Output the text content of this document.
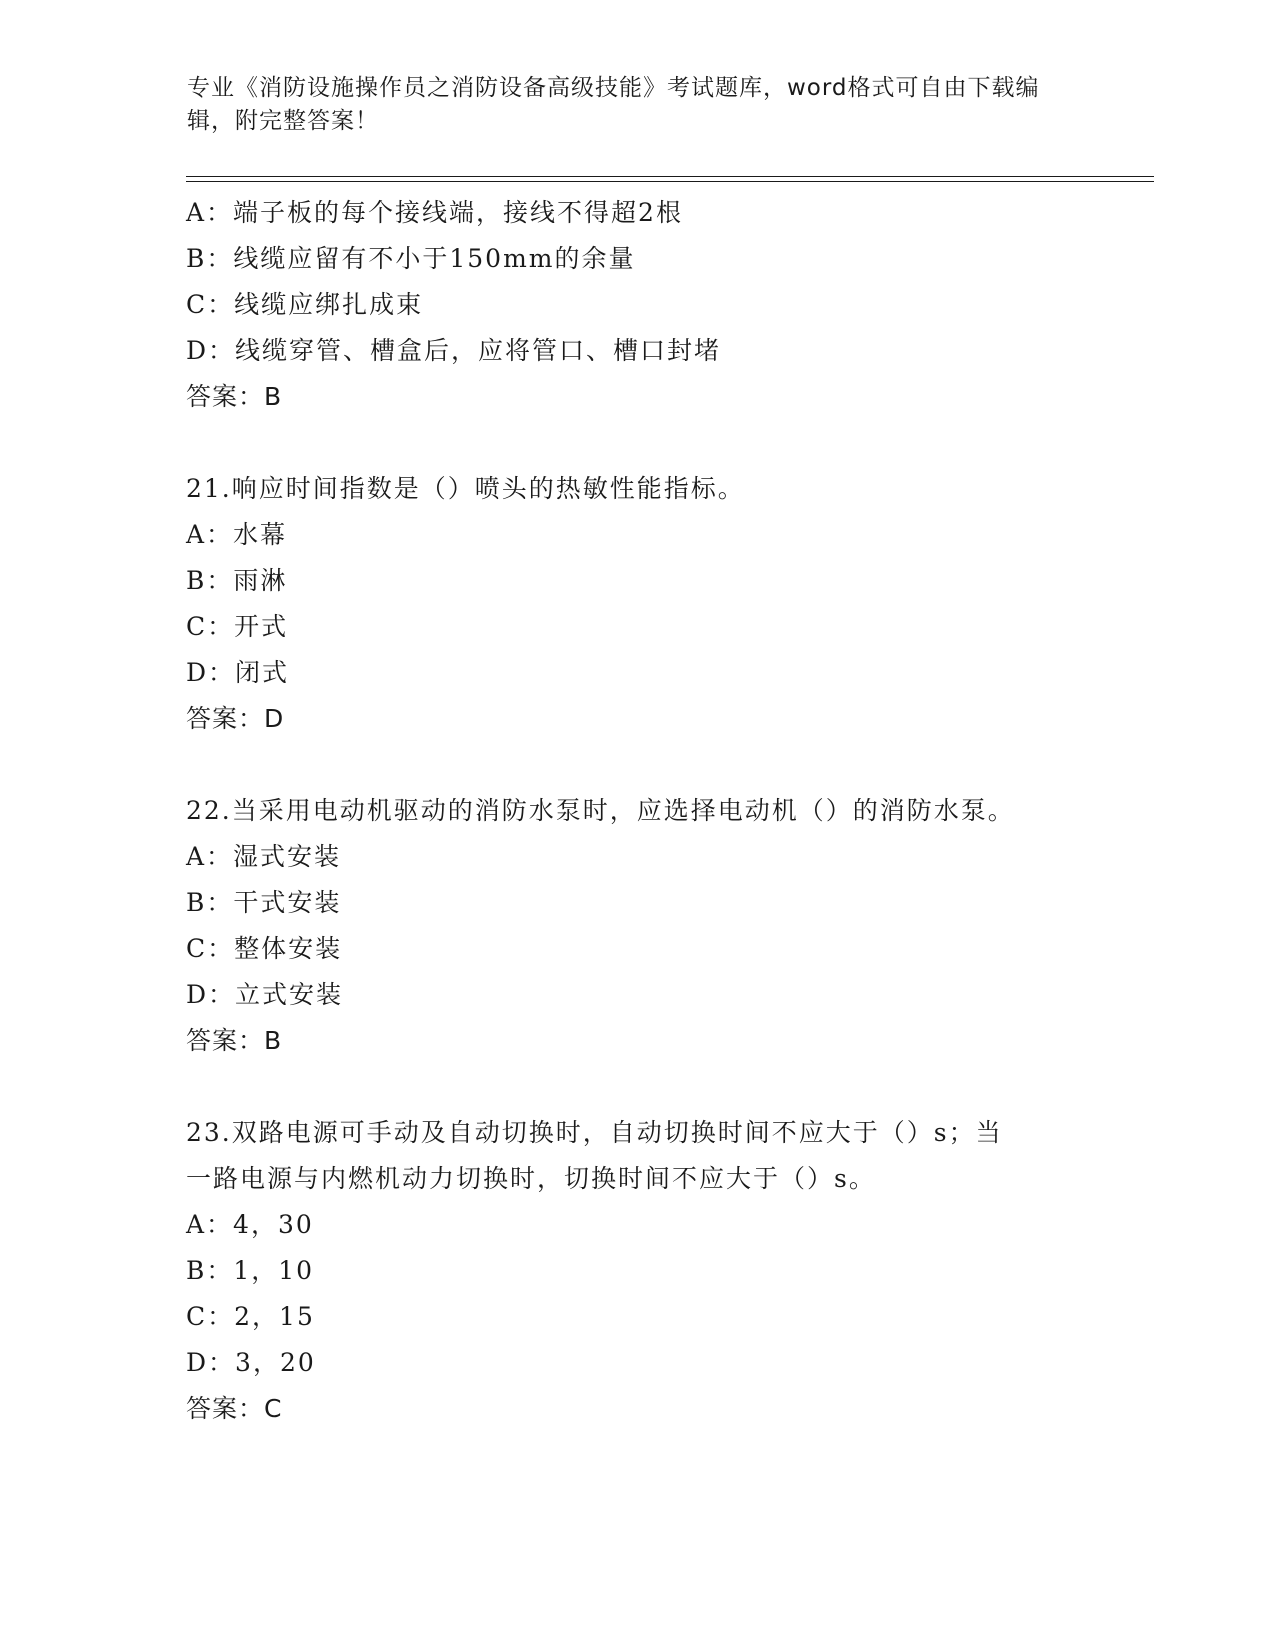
专业《消防设施操作员之消防设备高级技能》考试题库，word格式可自由下载编辑，附完整答案！
A：端子板的每个接线端，接线不得超2根
B：线缆应留有不小于150mm的余量
C：线缆应绑扎成束
D：线缆穿管、槽盒后，应将管口、槽口封堵
答案：B
21.响应时间指数是（）喷头的热敏性能指标。
A：水幕
B：雨淋
C：开式
D：闭式
答案：D
22.当采用电动机驱动的消防水泵时，应选择电动机（）的消防水泵。
A：湿式安装
B：干式安装
C：整体安装
D：立式安装
答案：B
23.双路电源可手动及自动切换时，自动切换时间不应大于（）s；当
一路电源与内燃机动力切换时，切换时间不应大于（）s。
A：4，30
B：1，10
C：2，15
D：3，20
答案：C
